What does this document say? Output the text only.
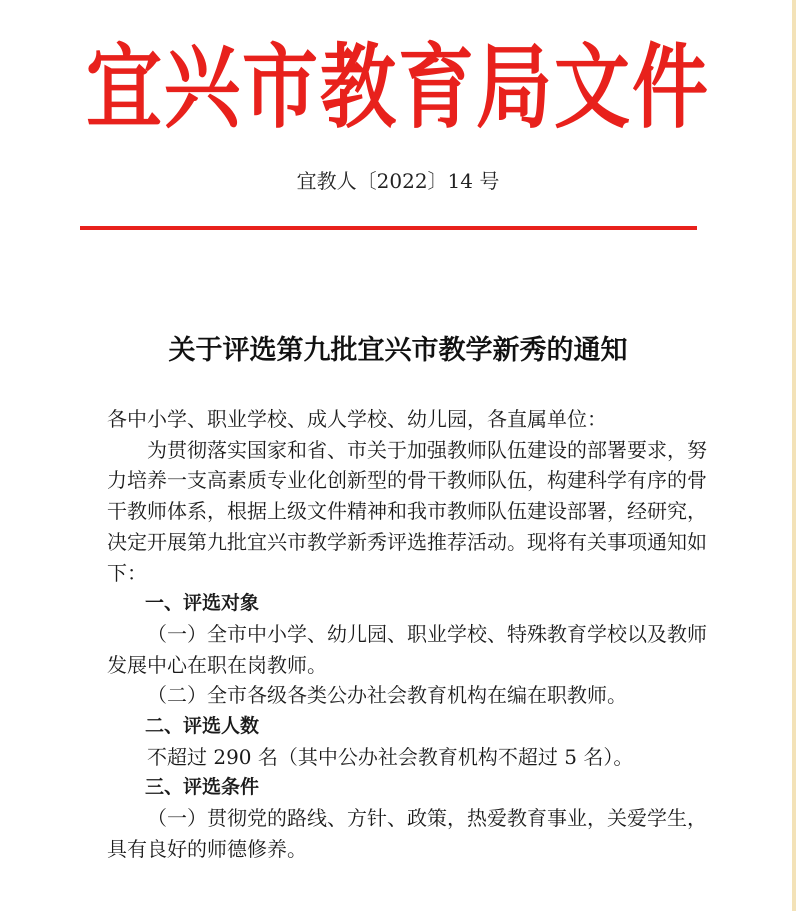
宜兴市教育局文件
宜教人〔2022〕14 号
关于评选第九批宜兴市教学新秀的通知

各中小学、职业学校、成人学校、幼儿园，各直属单位：

为贯彻落实国家和省、市关于加强教师队伍建设的部署要求，努力培养一支高素质专业化创新型的骨干教师队伍，构建科学有序的骨干教师体系，根据上级文件精神和我市教师队伍建设部署，经研究，决定开展第九批宜兴市教学新秀评选推荐活动。现将有关事项通知如下：

一、评选对象

（一）全市中小学、幼儿园、职业学校、特殊教育学校以及教师发展中心在职在岗教师。

（二）全市各级各类公办社会教育机构在编在职教师。

二、评选人数

不超过 290 名（其中公办社会教育机构不超过 5 名）。

三、评选条件

（一）贯彻党的路线、方针、政策，热爱教育事业，关爱学生，具有良好的师德修养。
